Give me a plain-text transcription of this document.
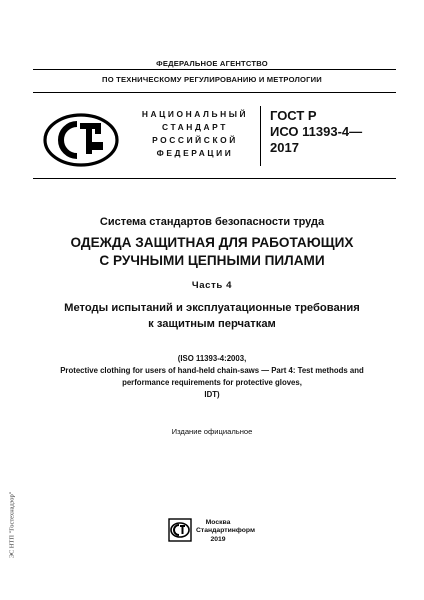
ФЕДЕРАЛЬНОЕ АГЕНТСТВО
ПО ТЕХНИЧЕСКОМУ РЕГУЛИРОВАНИЮ И МЕТРОЛОГИИ
НАЦИОНАЛЬНЫЙ
СТАНДАРТ
РОССИЙСКОЙ
ФЕДЕРАЦИИ
ГОСТ Р
ИСО 11393-4—
2017
Система стандартов безопасности труда
ОДЕЖДА ЗАЩИТНАЯ ДЛЯ РАБОТАЮЩИХ
С РУЧНЫМИ ЦЕПНЫМИ ПИЛАМИ
Часть 4
Методы испытаний и эксплуатационные требования
к защитным перчаткам
(ISO 11393-4:2003,
Protective clothing for users of hand-held chain-saws — Part 4: Test methods and
performance requirements for protective gloves,
IDT)
Издание официальное
Москва
Стандартинформ
2019
ЭС НТП "Гостехнадзор"
